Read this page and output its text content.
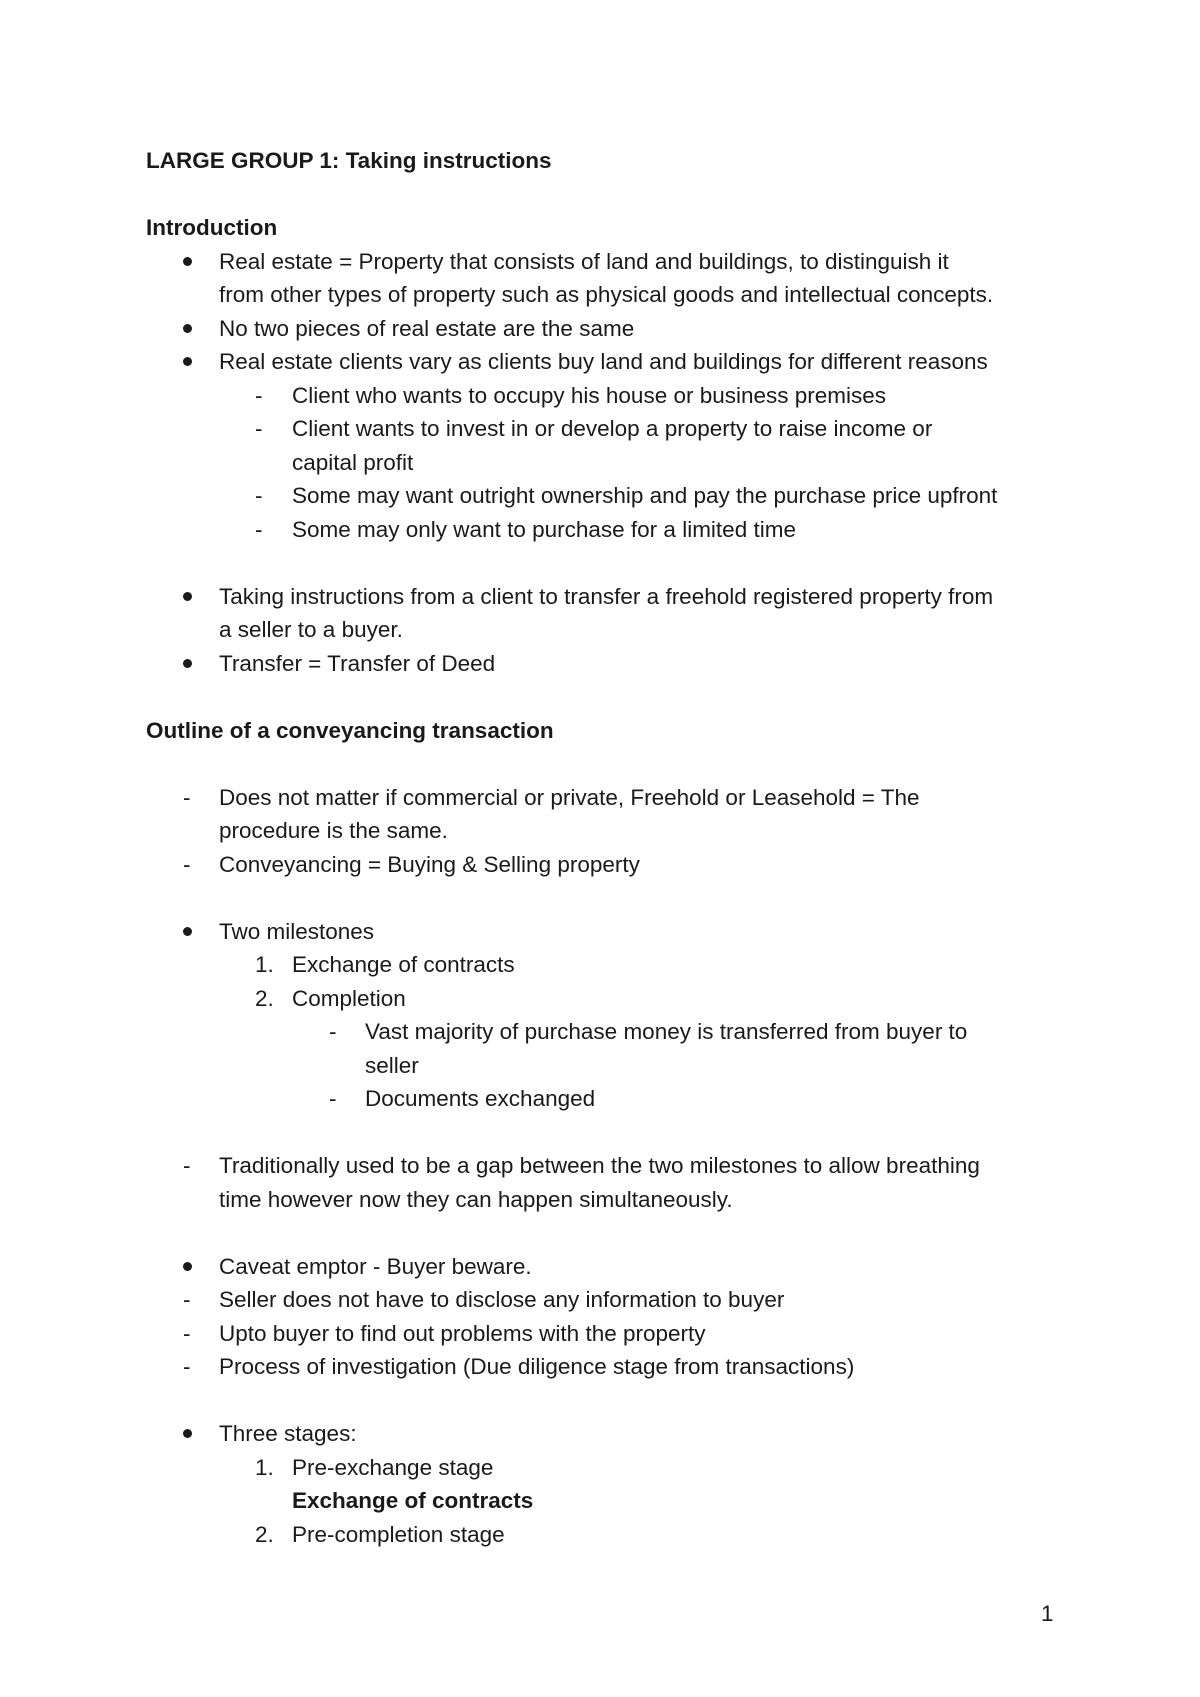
LARGE GROUP 1: Taking instructions
Introduction
Real estate = Property that consists of land and buildings, to distinguish it
from other types of property such as physical goods and intellectual concepts.
No two pieces of real estate are the same
Real estate clients vary as clients buy land and buildings for different reasons
- Client who wants to occupy his house or business premises
- Client wants to invest in or develop a property to raise income or
capital profit
- Some may want outright ownership and pay the purchase price upfront
- Some may only want to purchase for a limited time
Taking instructions from a client to transfer a freehold registered property from
a seller to a buyer.
Transfer = Transfer of Deed
Outline of a conveyancing transaction
- Does not matter if commercial or private, Freehold or Leasehold = The
procedure is the same.
- Conveyancing = Buying & Selling property
Two milestones
1. Exchange of contracts
2. Completion
- Vast majority of purchase money is transferred from buyer to
seller
- Documents exchanged
- Traditionally used to be a gap between the two milestones to allow breathing
time however now they can happen simultaneously.
Caveat emptor - Buyer beware.
- Seller does not have to disclose any information to buyer
- Upto buyer to find out problems with the property
- Process of investigation (Due diligence stage from transactions)
Three stages:
1. Pre-exchange stage
Exchange of contracts
2. Pre-completion stage
1
